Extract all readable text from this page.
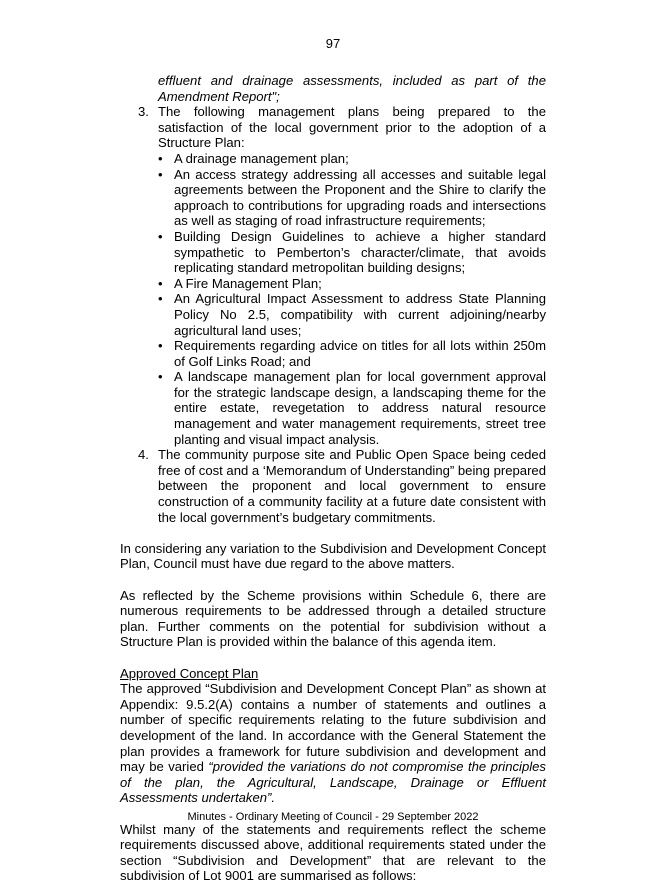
97

effluent and drainage assessments, included as part of the Amendment Report";

3. The following management plans being prepared to the satisfaction of the local government prior to the adoption of a Structure Plan:

• A drainage management plan;
• An access strategy addressing all accesses and suitable legal agreements between the Proponent and the Shire to clarify the approach to contributions for upgrading roads and intersections as well as staging of road infrastructure requirements;
• Building Design Guidelines to achieve a higher standard sympathetic to Pemberton’s character/climate, that avoids replicating standard metropolitan building designs;
• A Fire Management Plan;
• An Agricultural Impact Assessment to address State Planning Policy No 2.5, compatibility with current adjoining/nearby agricultural land uses;
• Requirements regarding advice on titles for all lots within 250m of Golf Links Road; and
• A landscape management plan for local government approval for the strategic landscape design, a landscaping theme for the entire estate, revegetation to address natural resource management and water management requirements, street tree planting and visual impact analysis.
4. The community purpose site and Public Open Space being ceded free of cost and a ‘Memorandum of Understanding” being prepared between the proponent and local government to ensure construction of a community facility at a future date consistent with the local government’s budgetary commitments.

In considering any variation to the Subdivision and Development Concept Plan, Council must have due regard to the above matters.

As reflected by the Scheme provisions within Schedule 6, there are numerous requirements to be addressed through a detailed structure plan. Further comments on the potential for subdivision without a Structure Plan is provided within the balance of this agenda item.

Approved Concept Plan

The approved “Subdivision and Development Concept Plan” as shown at Appendix: 9.5.2(A) contains a number of statements and outlines a number of specific requirements relating to the future subdivision and development of the land. In accordance with the General Statement the plan provides a framework for future subdivision and development and may be varied “provided the variations do not compromise the principles of the plan, the Agricultural, Landscape, Drainage or Effluent Assessments undertaken”.

Whilst many of the statements and requirements reflect the scheme requirements discussed above, additional requirements stated under the section “Subdivision and Development” that are relevant to the subdivision of Lot 9001 are summarised as follows:

Minutes - Ordinary Meeting of Council - 29 September 2022
